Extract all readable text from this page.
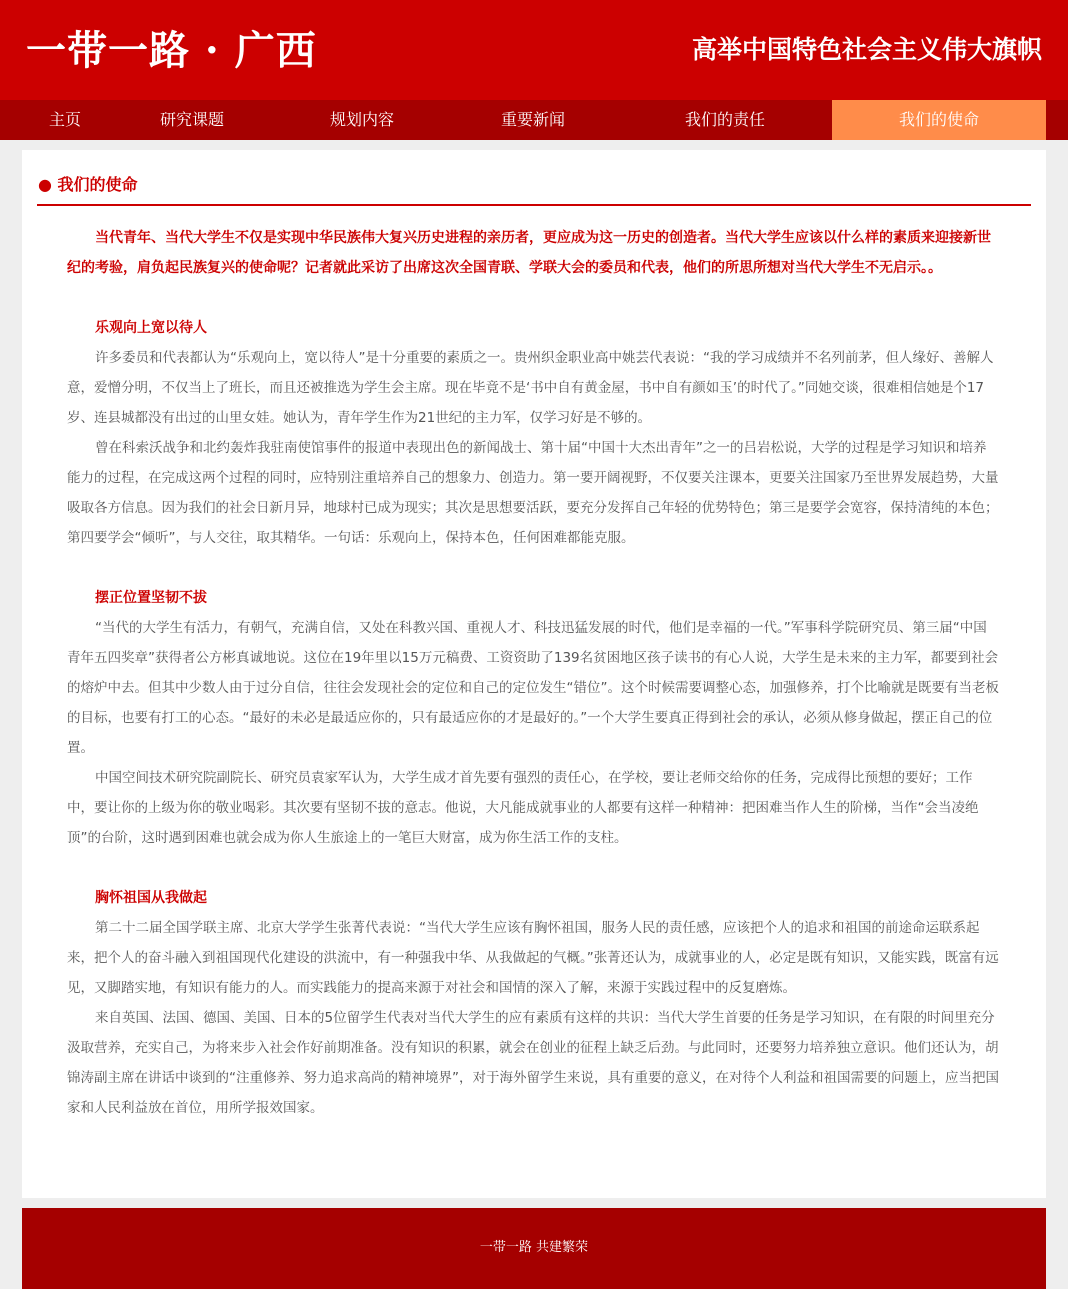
一带一路 · 广西	高举中国特色社会主义伟大旗帜
主页	研究课题	规划内容	重要新闻	我们的责任	我们的使命
● 我们的使命

当代青年、当代大学生不仅是实现中华民族伟大复兴历史进程的亲历者，更应成为这一历史的创造者。当代大学生应该以什么样的素质来迎接新世纪的考验，肩负起民族复兴的使命呢？记者就此采访了出席这次全国青联、学联大会的委员和代表，他们的所思所想对当代大学生不无启示。。

乐观向上宽以待人

许多委员和代表都认为“乐观向上，宽以待人”是十分重要的素质之一。贵州织金职业高中姚芸代表说：“我的学习成绩并不名列前茅，但人缘好、善解人意，爱憎分明，不仅当上了班长，而且还被推选为学生会主席。现在毕竟不是‘书中自有黄金屋，书中自有颜如玉’的时代了。”同她交谈，很难相信她是个17岁、连县城都没有出过的山里女娃。她认为，青年学生作为21世纪的主力军，仅学习好是不够的。

曾在科索沃战争和北约轰炸我驻南使馆事件的报道中表现出色的新闻战士、第十届“中国十大杰出青年”之一的吕岩松说，大学的过程是学习知识和培养能力的过程，在完成这两个过程的同时，应特别注重培养自己的想象力、创造力。第一要开阔视野，不仅要关注课本，更要关注国家乃至世界发展趋势，大量吸取各方信息。因为我们的社会日新月异，地球村已成为现实；其次是思想要活跃，要充分发挥自己年轻的优势特色；第三是要学会宽容，保持清纯的本色；第四要学会“倾听”，与人交往，取其精华。一句话：乐观向上，保持本色，任何困难都能克服。

摆正位置坚韧不拔

“当代的大学生有活力，有朝气，充满自信，又处在科教兴国、重视人才、科技迅猛发展的时代，他们是幸福的一代。”军事科学院研究员、第三届“中国青年五四奖章”获得者公方彬真诚地说。这位在19年里以15万元稿费、工资资助了139名贫困地区孩子读书的有心人说，大学生是未来的主力军，都要到社会的熔炉中去。但其中少数人由于过分自信，往往会发现社会的定位和自己的定位发生“错位”。这个时候需要调整心态，加强修养，打个比喻就是既要有当老板的目标，也要有打工的心态。“最好的未必是最适应你的，只有最适应你的才是最好的。”一个大学生要真正得到社会的承认，必须从修身做起，摆正自己的位置。

中国空间技术研究院副院长、研究员袁家军认为，大学生成才首先要有强烈的责任心，在学校，要让老师交给你的任务，完成得比预想的要好；工作中，要让你的上级为你的敬业喝彩。其次要有坚韧不拔的意志。他说，大凡能成就事业的人都要有这样一种精神：把困难当作人生的阶梯，当作“会当凌绝顶”的台阶，这时遇到困难也就会成为你人生旅途上的一笔巨大财富，成为你生活工作的支柱。

胸怀祖国从我做起

第二十二届全国学联主席、北京大学学生张菁代表说：“当代大学生应该有胸怀祖国，服务人民的责任感，应该把个人的追求和祖国的前途命运联系起来，把个人的奋斗融入到祖国现代化建设的洪流中，有一种强我中华、从我做起的气概。”张菁还认为，成就事业的人，必定是既有知识，又能实践，既富有远见，又脚踏实地，有知识有能力的人。而实践能力的提高来源于对社会和国情的深入了解，来源于实践过程中的反复磨炼。

来自英国、法国、德国、美国、日本的5位留学生代表对当代大学生的应有素质有这样的共识：当代大学生首要的任务是学习知识，在有限的时间里充分汲取营养，充实自己，为将来步入社会作好前期准备。没有知识的积累，就会在创业的征程上缺乏后劲。与此同时，还要努力培养独立意识。他们还认为，胡锦涛副主席在讲话中谈到的“注重修养、努力追求高尚的精神境界”，对于海外留学生来说，具有重要的意义，在对待个人利益和祖国需要的问题上，应当把国家和人民利益放在首位，用所学报效国家。

一带一路 共建繁荣
